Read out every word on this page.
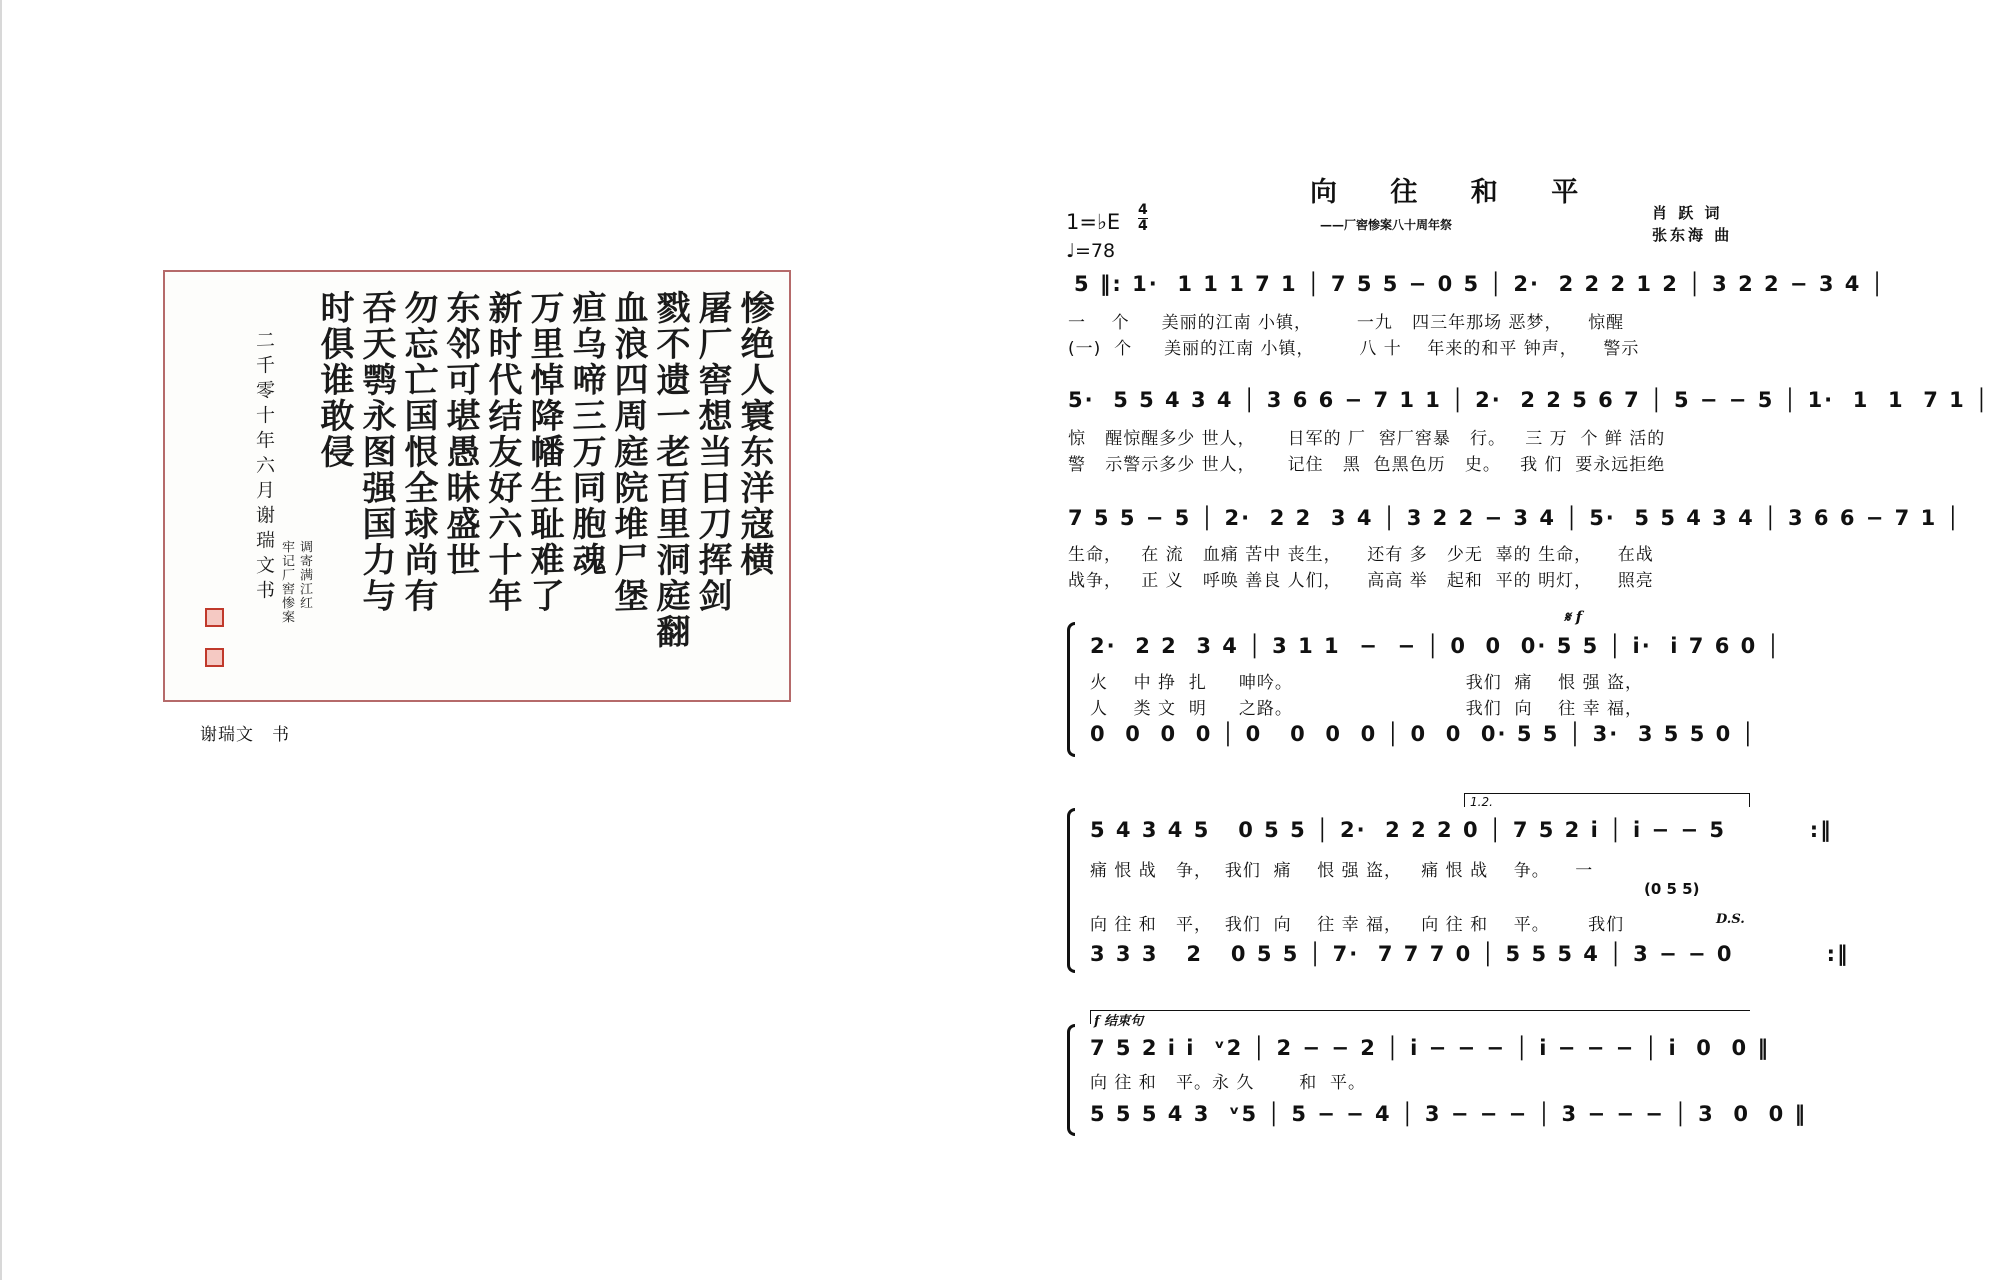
惨绝人寰东洋寇横
屠厂窖想当日刀挥剑
戮不遗一老百里洞庭翻
血浪四周庭院堆尸堡
疸乌啼三万同胞魂
万里悼降幡生耻难了
新时代结友好六十年
东邻可堪愚昧盛世
勿忘亡国恨全球尚有
吞天鹗永图强国力与
时俱谁敢侵
调寄满江红
牢记厂窖惨案
二千零十年六月谢瑞文书
谢瑞文　书
向 往 和 平
——厂窖惨案八十周年祭
肖 跃 词
张东海 曲
1=♭E 4
4
♩=78
5 ‖: 1·  1 1 1 7 1 │ 7 5 5 − 0 5 │ 2·  2 2 2 1 2 │ 3 2 2 − 3 4 │
一    个     美丽的江南 小镇，       一九   四三年那场 恶梦，    惊醒
(一)  个     美丽的江南 小镇，       八 十    年来的和平 钟声，    警示
5·  5 5 4 3 4 │ 3 6 6 − 7 1 1 │ 2·  2 2 5 6 7 │ 5 − − 5 │ 1·  1  1  7 1 │
惊   醒惊醒多少 世人，     日军的 厂  窖厂窖暴   行。   三 万  个 鲜 活的
警   示警示多少 世人，     记住   黑  色黑色历   史。   我 们  要永远拒绝
7 5 5 − 5 │ 2·  2 2  3 4 │ 3 2 2 − 3 4 │ 5·  5 5 4 3 4 │ 3 6 6 − 7 1 │
生命，   在 流   血痛 苦中 丧生，    还有 多   少无  辜的 生命，    在战
战争，   正 义   呼唤 善良 人们，    高高 举   起和  平的 明灯，    照亮
𝄋 f
2·  2 2  3 4 │ 3 1 1  −  − │ 0  0  0· 5 5 │ i·  i 7 6 0 │
火    中 挣  扎     呻吟。                           我们  痛    恨 强 盗，
人    类 文  明     之路。                           我们  向    往 幸 福，
0  0  0  0 │ 0   0  0  0 │ 0  0  0· 5 5 │ 3·  3 5 5 0 │
1.2.
5 4 3 4 5   0 5 5 │ 2·  2 2 2 0 │ 7 5 2 i │ i − − 5         :‖
痛 恨 战   争，  我们  痛    恨 强 盗，   痛 恨 战    争。    一
(0 5 5)
向 往 和   平，  我们  向    往 幸 福，   向 往 和    平。      我们	D.S.
3 3 3   2   0 5 5 │ 7·  7 7 7 0 │ 5 5 5 4 │ 3 − − 0          :‖
f 结束句
7 5 2 i i  ᵛ2 │ 2 − − 2 │ i − − − │ i − − − │ i  0  0 ‖
向 往 和   平。永 久       和  平。
5 5 5 4 3  ᵛ5 │ 5 − − 4 │ 3 − − − │ 3 − − − │ 3  0  0 ‖
